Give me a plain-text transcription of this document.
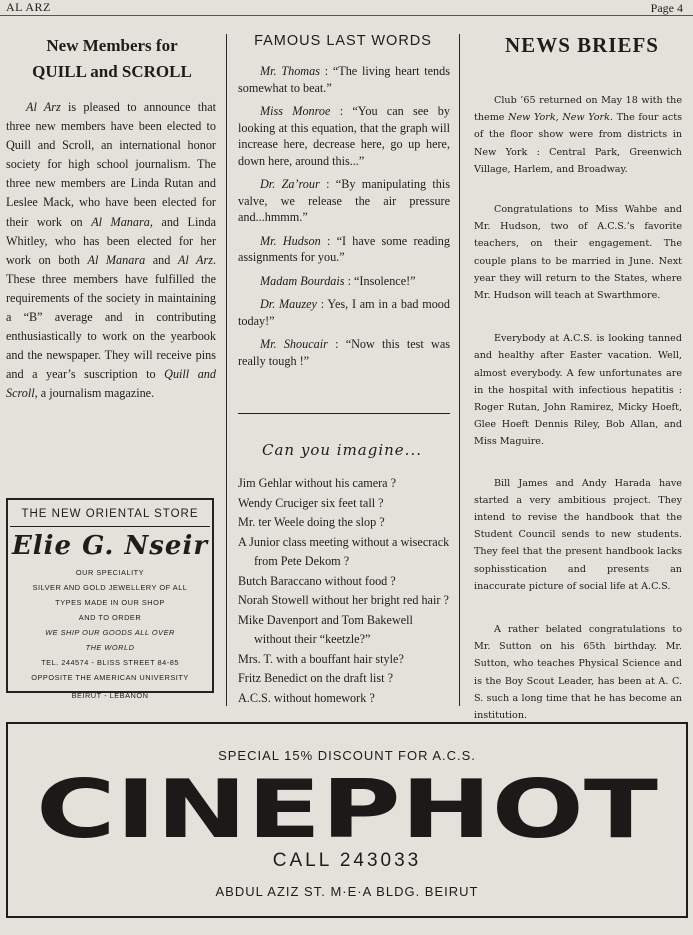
AL ARZ	Page 4
New Members for
QUILL and SCROLL
Al Arz is pleased to announce that three new members have been elected to Quill and Scroll, an international honor society for high school journalism. The three new members are Linda Rutan and Leslee Mack, who have been elected for their work on Al Manara, and Linda Whitley, who has been elected for her work on both Al Manara and Al Arz. These three members have fulfilled the requirements of the society in maintaining a “B” average and in contributing enthusiastically to work on the yearbook and the newspaper. They will receive pins and a year’s suscription to Quill and Scroll, a journalism magazine.
THE NEW ORIENTAL STORE
Elie G. Nseir
OUR SPECIALITY
SILVER AND GOLD JEWELLERY OF ALL
TYPES MADE IN OUR SHOP
AND TO ORDER
WE SHIP OUR GOODS ALL OVER
THE WORLD
TEL. 244574 - BLISS STREET 84-85
OPPOSITE THE AMERICAN UNIVERSITY
BEIRUT - LEBANON
FAMOUS LAST WORDS
Mr. Thomas : “The living heart tends somewhat to beat.”
Miss Monroe : “You can see by looking at this equation, that the graph will increase here, decrease here, go up here, down here, around this...”
Dr. Za’rour : “By manipulating this valve, we release the air pressure and...hmmm.”
Mr. Hudson : “I have some reading assignments for you.”
Madam Bourdais : “Insolence!”
Dr. Mauzey : Yes, I am in a bad mood today!”
Mr. Shoucair : “Now this test was really tough !”
Can you imagine...
Jim Gehlar without his camera ?
Wendy Cruciger six feet tall ?
Mr. ter Weele doing the slop ?
A Junior class meeting without a wisecrack from Pete Dekom ?
Butch Baraccano without food ?
Norah Stowell without her bright red hair ?
Mike Davenport and Tom Bakewell without their “keetzle?”
Mrs. T. with a bouffant hair style?
Fritz Benedict on the draft list ?
A.C.S. without homework ?
NEWS BRIEFS

Club ’65 returned on May 18 with the theme New York, New York. The four acts of the floor show were from districts in New York : Central Park, Greenwich Village, Harlem, and Broadway.

Congratulations to Miss Wahbe and Mr. Hudson, two of A.C.S.’s favorite teachers, on their engagement. The couple plans to be married in June. Next year they will return to the States, where Mr. Hudson will teach at Swarthmore.

Everybody at A.C.S. is looking tanned and healthy after Easter vacation. Well, almost everybody. A few unfortunates are in the hospital with infectious hepatitis : Roger Rutan, John Ramirez, Micky Hoeft, Glee Hoeft Dennis Riley, Bob Allan, and Miss Maguire.

Bill James and Andy Harada have started a very ambitious project. They intend to revise the handbook that the Student Council sends to new students. They feel that the present handbook lacks sophisstication and presents an inaccurate picture of social life at A.C.S.

A rather belated congratulations to Mr. Sutton on his 65th birthday. Mr. Sutton, who teaches Physical Science and is the Boy Scout Leader, has been at A. C. S. such a long time that he has become an institution.

SPECIAL 15% DISCOUNT FOR A.C.S.
CINEPHOT
CALL 243033
ABDUL AZIZ ST. M·E·A BLDG. BEIRUT
